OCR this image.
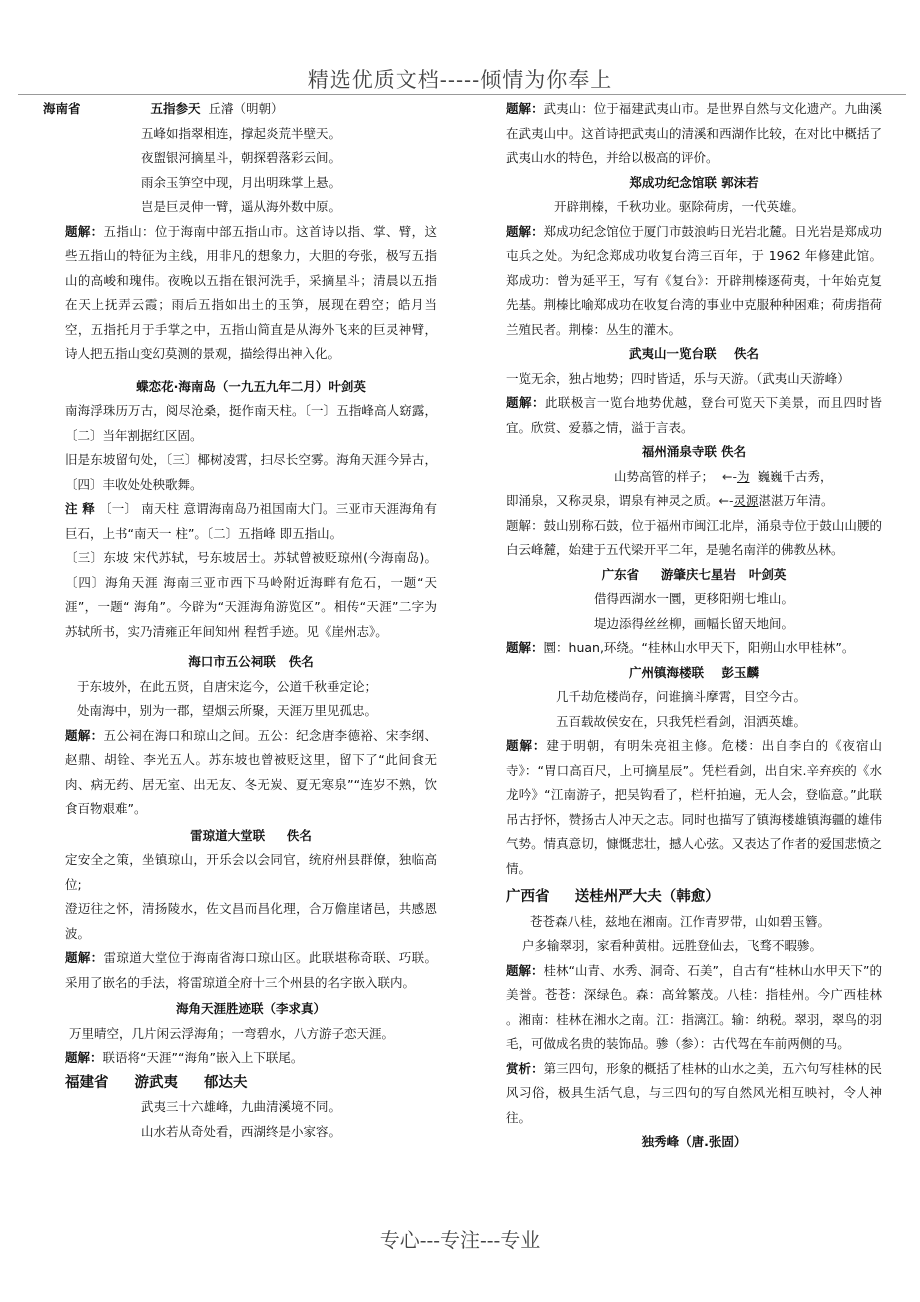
精选优质文档-----倾情为你奉上

海南省	五指参天 丘濬（明朝）

五峰如指翠相连，撑起炎荒半壁天。

夜盥银河摘星斗，朝探碧落彩云间。

雨余玉笋空中现，月出明珠掌上悬。

岂是巨灵伸一臂，遥从海外数中原。

题解：五指山：位于海南中部五指山市。这首诗以指、掌、臂，这些五指山的特征为主线，用非凡的想象力，大胆的夸张，极写五指山的高峻和瑰伟。夜晚以五指在银河洗手，采摘星斗；清晨以五指在天上抚弄云霞；雨后五指如出土的玉笋，展现在碧空；皓月当空，五指托月于手掌之中，五指山简直是从海外飞来的巨灵神臂，诗人把五指山变幻莫测的景观，描绘得出神入化。

蝶恋花·海南岛（一九五九年二月）叶剑英

南海浮珠历万古，阅尽沧桑，挺作南天柱。〔一〕五指峰高人窈露，〔二〕当年割据红区固。

旧是东坡留句处，〔三〕椰树凌霄，扫尽长空雾。海角天涯今异古，〔四〕丰收处处秧歌舞。

注 释 〔一〕 南天柱 意谓海南岛乃祖国南大门。三亚市天涯海角有巨石，上书“南天一 柱”。〔二〕五指峰 即五指山。

〔三〕东坡 宋代苏轼，号东坡居士。苏轼曾被贬琼州(今海南岛)。〔四〕海角天涯 海南三亚市西下马岭附近海畔有危石，一题“天涯”，一题“ 海角”。今辟为“天涯海角游览区”。相传“天涯”二字为苏轼所书，实乃清雍正年间知州 程哲手迹。见《崖州志》。

海口市五公祠联 佚名

于东坡外，在此五贤，自唐宋迄今，公道千秋垂定论；

处南海中，别为一郡，望烟云所聚，天涯万里见孤忠。

题解：五公祠在海口和琼山之间。五公：纪念唐李德裕、宋李纲、赵鼎、胡铨、李光五人。苏东坡也曾被贬这里，留下了“此间食无肉、病无药、居无室、出无友、冬无炭、夏无寒泉”“连岁不熟，饮食百物艰难”。

雷琼道大堂联 佚名

定安全之策，坐镇琼山，开乐会以会同官，统府州县群僚，独临高位;

澄迈往之怀，清扬陵水，佐文昌而昌化理，合万儋崖诸邑，共感恩波。

题解：雷琼道大堂位于海南省海口琼山区。此联堪称奇联、巧联。采用了嵌名的手法，将雷琼道全府十三个州县的名字嵌入联内。

海角天涯胜迹联（李求真）

万里晴空，几片闲云浮海角；一弯碧水，八方游子恋天涯。

题解：联语将“天涯”“海角”嵌入上下联尾。

福建省 游武夷 郁达夫

武夷三十六雄峰，九曲清溪境不同。

山水若从奇处看，西湖终是小家容。

题解：武夷山：位于福建武夷山市。是世界自然与文化遗产。九曲溪在武夷山中。这首诗把武夷山的清溪和西湖作比较，在对比中概括了武夷山水的特色，并给以极高的评价。

郑成功纪念馆联 郭沫若

开辟荆榛，千秋功业。驱除荷虏，一代英雄。

题解：郑成功纪念馆位于厦门市鼓浪屿日光岩北麓。日光岩是郑成功屯兵之处。为纪念郑成功收复台湾三百年，于 1962 年修建此馆。郑成功：曾为延平王，写有《复台》：开辟荆榛逐荷夷，十年始克复先基。荆榛比喻郑成功在收复台湾的事业中克服种种困难；荷虏指荷兰殖民者。荆榛：丛生的灌木。

武夷山一览台联 佚名

一览无余，独占地势；四时皆适，乐与天游。（武夷山天游峰）

题解：此联极言一览台地势优越，登台可览天下美景，而且四时皆宜。欣赏、爱慕之情，溢于言表。

福州涌泉寺联 佚名

山势高管的样子； ←-为 巍巍千古秀，

即涌泉，又称灵泉，谓泉有神灵之质。←-灵源湛湛万年清。

题解：鼓山别称石鼓，位于福州市闽江北岸，涌泉寺位于鼓山山腰的白云峰麓，始建于五代梁开平二年，是驰名南洋的佛教丛林。

广东省 游肇庆七星岩 叶剑英

借得西湖水一圜，更移阳朔七堆山。

堤边添得丝丝柳，画幅长留天地间。

题解：圜：huan,环绕。“桂林山水甲天下，阳朔山水甲桂林”。

广州镇海楼联 彭玉麟

几千劫危楼尚存，问谁摘斗摩霄，目空今古。

五百载故侯安在，只我凭栏看剑，泪洒英雄。

题解：建于明朝，有明朱亮祖主修。危楼：出自李白的《夜宿山寺》：“胃口高百尺，上可摘星辰”。凭栏看剑，出自宋.辛弃疾的《水龙吟》“江南游子，把吴钩看了，栏杆拍遍，无人会，登临意。”此联吊古抒怀，赞扬古人冲天之志。同时也描写了镇海楼雄镇海疆的雄伟气势。情真意切，慷慨悲壮，撼人心弦。又表达了作者的爱国悲愤之情。

广西省 送桂州严大夫（韩愈）

苍苍森八桂，兹地在湘南。江作青罗带，山如碧玉簪。

户多输翠羽，家看种黄柑。远胜登仙去，飞骛不暇骖。

题解：桂林“山青、水秀、洞奇、石美”，自古有“桂林山水甲天下”的美誉。苍苍：深绿色。森：高耸繁茂。八桂：指桂州。今广西桂林 。湘南：桂林在湘水之南。江：指漓江。输：纳税。翠羽，翠鸟的羽毛，可做成名贵的装饰品。骖（参）：古代驾在车前两侧的马。

赏析：第三四句，形象的概括了桂林的山水之美，五六句写桂林的民风习俗，极具生活气息，与三四句的写自然风光相互映衬，令人神往。

独秀峰（唐.张固）

专心---专注---专业
